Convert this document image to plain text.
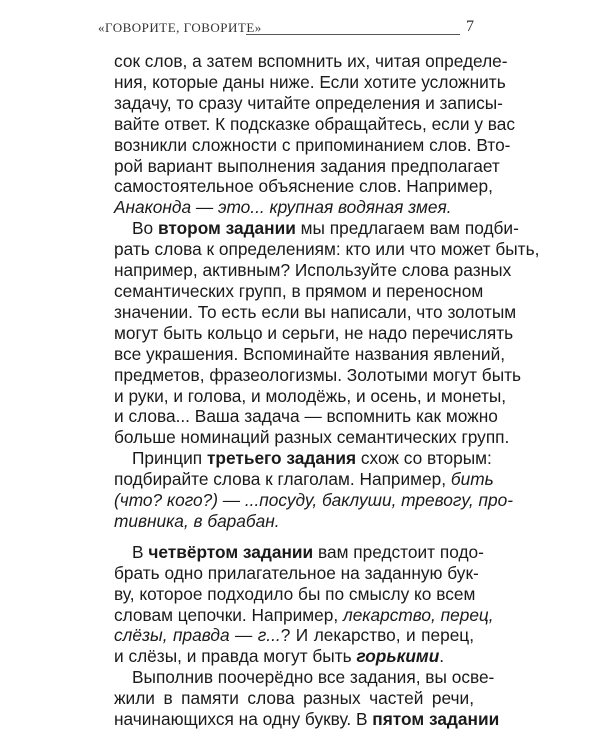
«ГОВОРИТЕ, ГОВОРИТЕ»	7

сок слов, а затем вспомнить их, читая определе-
ния, которые даны ниже. Если хотите усложнить
задачу, то сразу читайте определения и записы-
вайте ответ. К подсказке обращайтесь, если у вас
возникли сложности с припоминанием слов. Вто-
рой вариант выполнения задания предполагает
самостоятельное объяснение слов. Например,
Анаконда — это... крупная водяная змея.

Во втором задании мы предлагаем вам подби-
рать слова к определениям: кто или что может быть,
например, активным? Используйте слова разных
семантических групп, в прямом и переносном
значении. То есть если вы написали, что золотым
могут быть кольцо и серьги, не надо перечислять
все украшения. Вспоминайте названия явлений,
предметов, фразеологизмы. Золотыми могут быть
и руки, и голова, и молодёжь, и осень, и монеты,
и слова... Ваша задача — вспомнить как можно
больше номинаций разных семантических групп.

Принцип третьего задания схож со вторым:
подбирайте слова к глаголам. Например, бить
(что? кого?) — ...посуду, баклуши, тревогу, про-
тивника, в барабан.

В четвёртом задании вам предстоит подо-
брать одно прилагательное на заданную бук-
ву, которое подходило бы по смыслу ко всем
словам цепочки. Например, лекарство, перец,
слёзы, правда — г...? И лекарство, и перец,
и слёзы, и правда могут быть горькими.

Выполнив поочерёдно все задания, вы осве-
жили в памяти слова разных частей речи,
начинающихся на одну букву. В пятом задании
